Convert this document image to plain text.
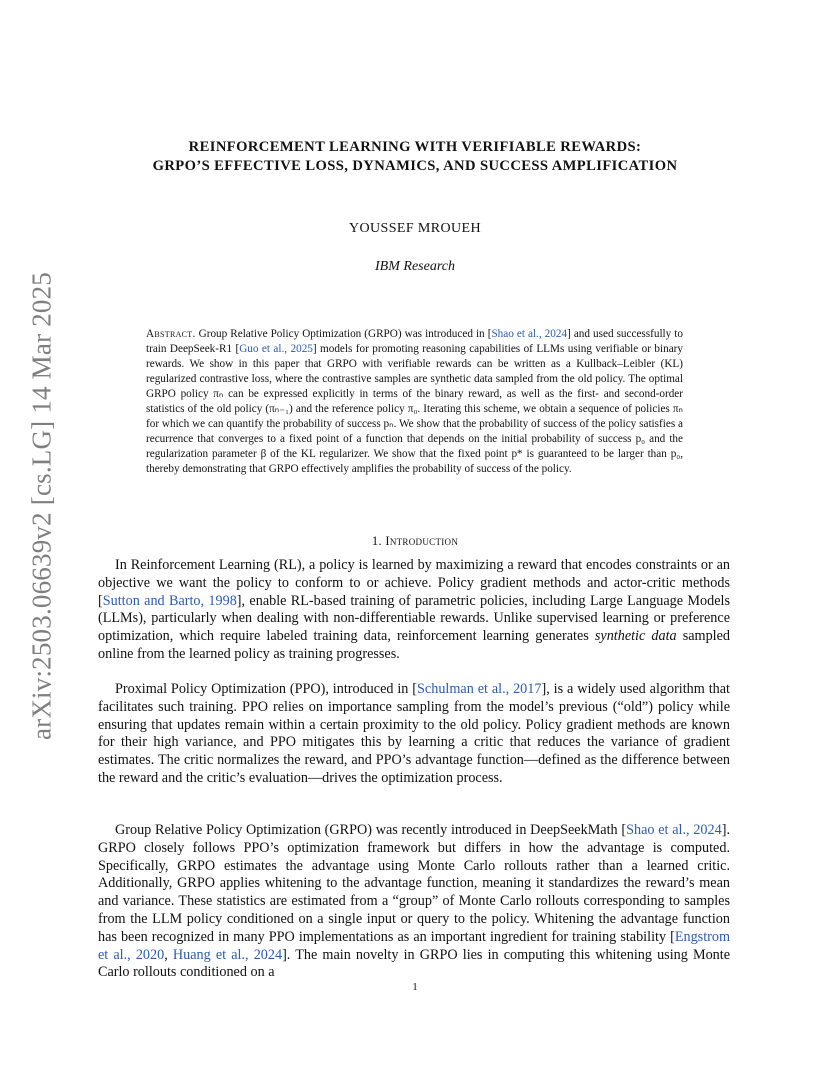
arXiv:2503.06639v2 [cs.LG] 14 Mar 2025
REINFORCEMENT LEARNING WITH VERIFIABLE REWARDS:
GRPO’S EFFECTIVE LOSS, DYNAMICS, AND SUCCESS AMPLIFICATION
YOUSSEF MROUEH
IBM Research
Abstract. Group Relative Policy Optimization (GRPO) was introduced in [Shao et al., 2024] and used successfully to train DeepSeek-R1 [Guo et al., 2025] models for promoting reasoning capabilities of LLMs using verifiable or binary rewards. We show in this paper that GRPO with verifiable rewards can be written as a Kullback–Leibler (KL) regularized contrastive loss, where the contrastive samples are synthetic data sampled from the old policy. The optimal GRPO policy πₙ can be expressed explicitly in terms of the binary reward, as well as the first- and second-order statistics of the old policy (πₙ₋₁) and the reference policy π₀. Iterating this scheme, we obtain a sequence of policies πₙ for which we can quantify the probability of success pₙ. We show that the probability of success of the policy satisfies a recurrence that converges to a fixed point of a function that depends on the initial probability of success p₀ and the regularization parameter β of the KL regularizer. We show that the fixed point p* is guaranteed to be larger than p₀, thereby demonstrating that GRPO effectively amplifies the probability of success of the policy.
1. Introduction
In Reinforcement Learning (RL), a policy is learned by maximizing a reward that encodes constraints or an objective we want the policy to conform to or achieve. Policy gradient methods and actor-critic methods [Sutton and Barto, 1998], enable RL-based training of parametric policies, including Large Language Models (LLMs), particularly when dealing with non-differentiable rewards. Unlike supervised learning or preference optimization, which require labeled training data, reinforcement learning generates synthetic data sampled online from the learned policy as training progresses.
Proximal Policy Optimization (PPO), introduced in [Schulman et al., 2017], is a widely used algorithm that facilitates such training. PPO relies on importance sampling from the model’s previous (“old”) policy while ensuring that updates remain within a certain proximity to the old policy. Policy gradient methods are known for their high variance, and PPO mitigates this by learning a critic that reduces the variance of gradient estimates. The critic normalizes the reward, and PPO’s advantage function—defined as the difference between the reward and the critic’s evaluation—drives the optimization process.
Group Relative Policy Optimization (GRPO) was recently introduced in DeepSeekMath [Shao et al., 2024]. GRPO closely follows PPO’s optimization framework but differs in how the advantage is computed. Specifically, GRPO estimates the advantage using Monte Carlo rollouts rather than a learned critic. Additionally, GRPO applies whitening to the advantage function, meaning it standardizes the reward’s mean and variance. These statistics are estimated from a “group” of Monte Carlo rollouts corresponding to samples from the LLM policy conditioned on a single input or query to the policy. Whitening the advantage function has been recognized in many PPO implementations as an important ingredient for training stability [Engstrom et al., 2020, Huang et al., 2024]. The main novelty in GRPO lies in computing this whitening using Monte Carlo rollouts conditioned on a
1
